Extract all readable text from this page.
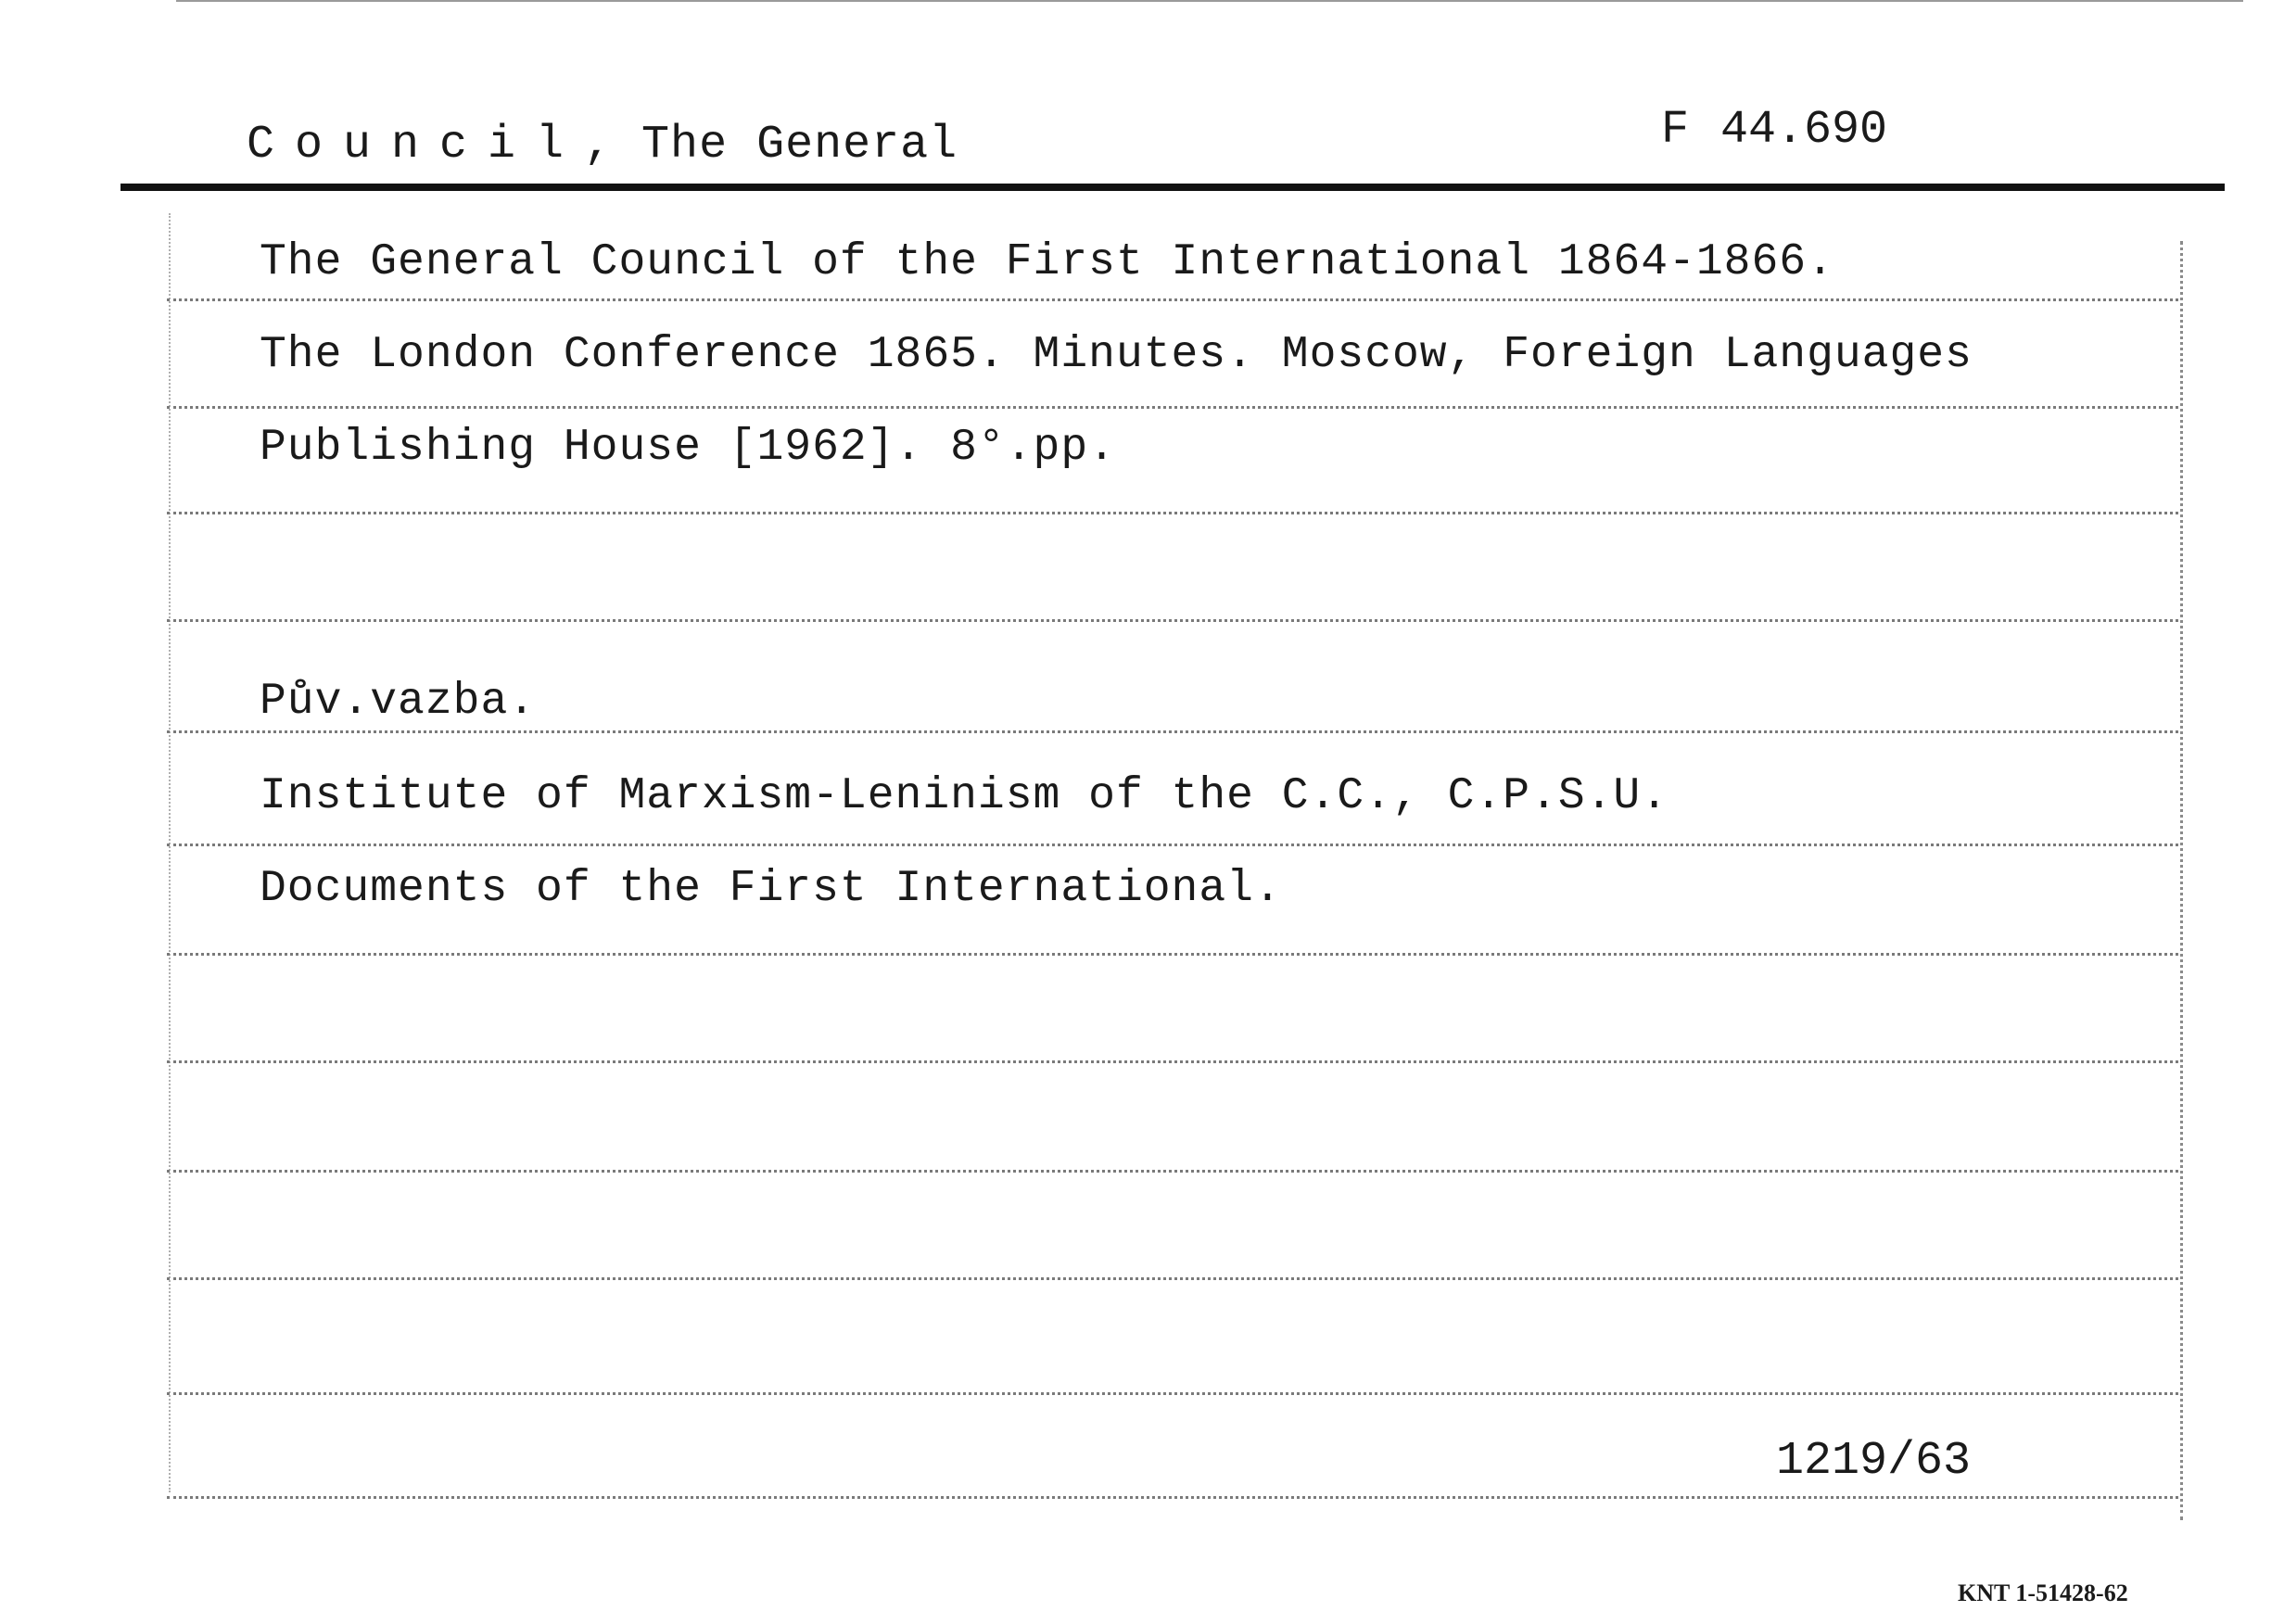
Council, The General	F 44.690
The General Council of the First International 1864-1866.
The London Conference 1865. Minutes. Moscow, Foreign Languages
Publishing House [1962]. 8°.pp.
Pův.vazba.
Institute of Marxism-Leninism of the C.C., C.P.S.U.
Documents of the First International.
1219/63
KNT 1-51428-62
